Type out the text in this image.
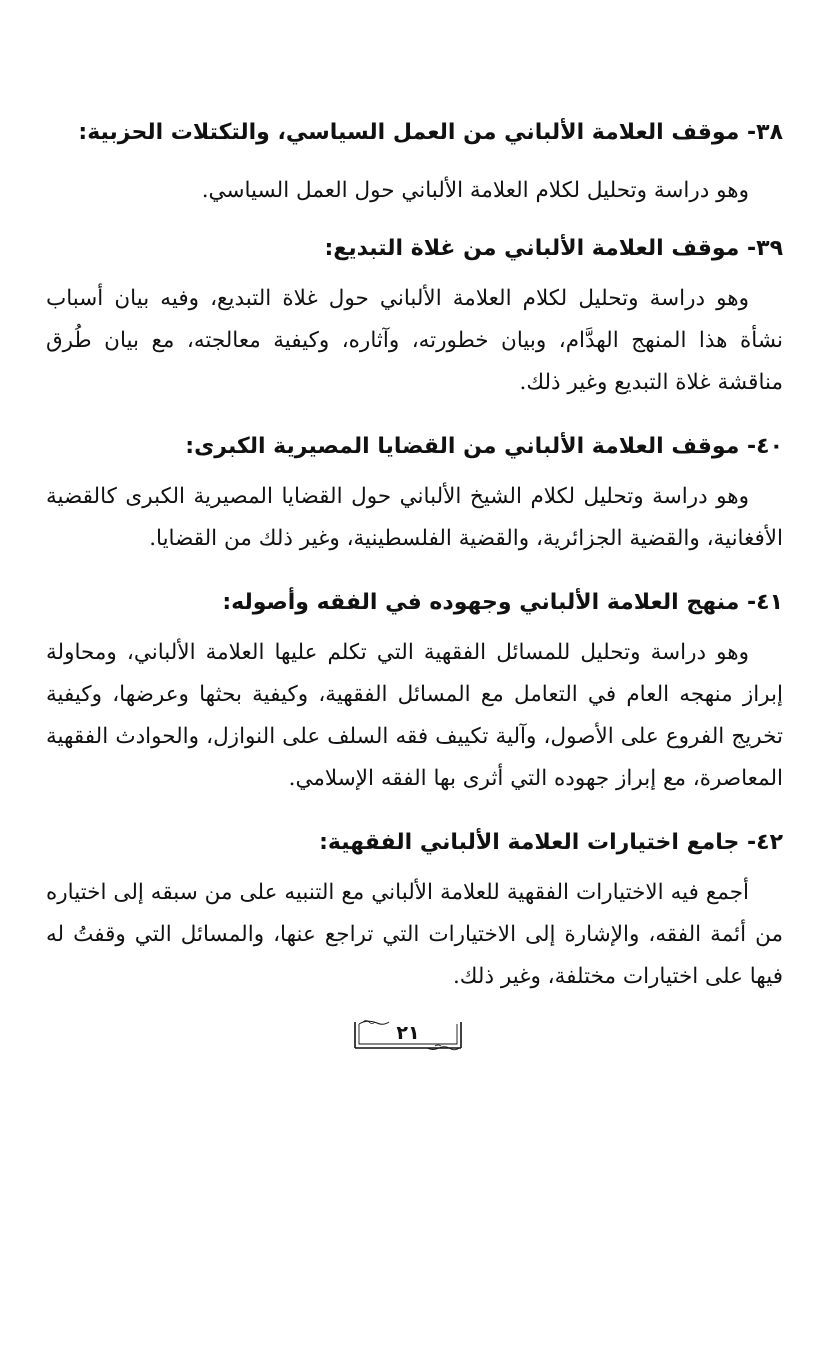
٣٨- موقف العلامة الألباني من العمل السياسي، والتكتلات الحزبية:

وهو دراسة وتحليل لكلام العلامة الألباني حول العمل السياسي.

٣٩- موقف العلامة الألباني من غلاة التبديع:

وهو دراسة وتحليل لكلام العلامة الألباني حول غلاة التبديع، وفيه بيان أسباب نشأة هذا المنهج الهدَّام، وبيان خطورته، وآثاره، وكيفية معالجته، مع بيان طُرق مناقشة غلاة التبديع وغير ذلك.

٤٠- موقف العلامة الألباني من القضايا المصيرية الكبرى:

وهو دراسة وتحليل لكلام الشيخ الألباني حول القضايا المصيرية الكبرى كالقضية الأفغانية، والقضية الجزائرية، والقضية الفلسطينية، وغير ذلك من القضايا.

٤١- منهج العلامة الألباني وجهوده في الفقه وأصوله:

وهو دراسة وتحليل للمسائل الفقهية التي تكلم عليها العلامة الألباني، ومحاولة إبراز منهجه العام في التعامل مع المسائل الفقهية، وكيفية بحثها وعرضها، وكيفية تخريج الفروع على الأصول، وآلية تكييف فقه السلف على النوازل، والحوادث الفقهية المعاصرة، مع إبراز جهوده التي أثرى بها الفقه الإسلامي.

٤٢- جامع اختيارات العلامة الألباني الفقهية:

أجمع فيه الاختيارات الفقهية للعلامة الألباني مع التنبيه على من سبقه إلى اختياره من أئمة الفقه، والإشارة إلى الاختيارات التي تراجع عنها، والمسائل التي وقفتُ له فيها على اختيارات مختلفة، وغير ذلك.

٢١
